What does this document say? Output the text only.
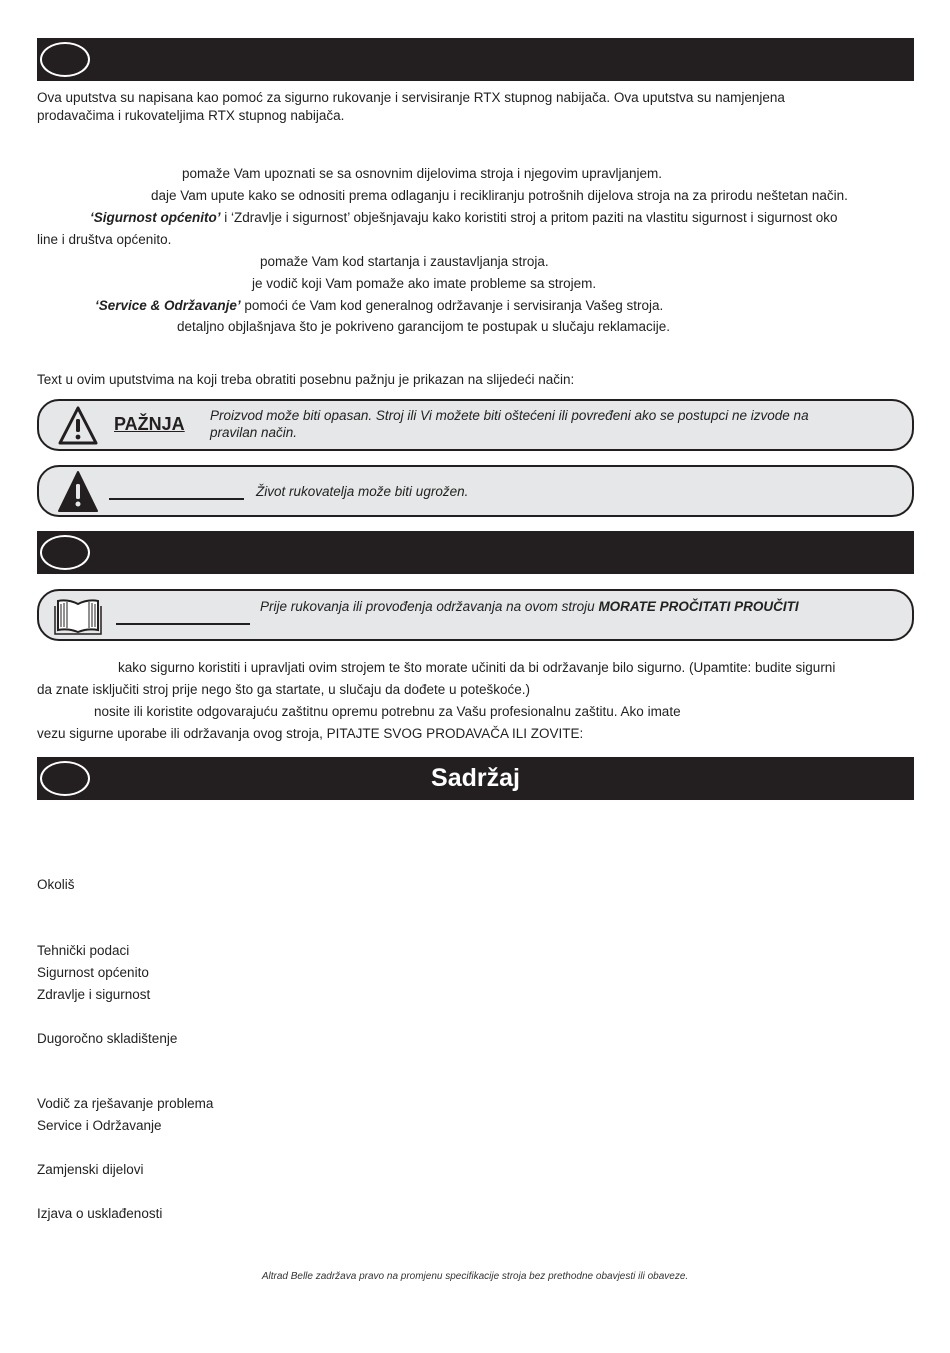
Ova uputstva su napisana kao pomoć za sigurno rukovanje i servisiranje RTX stupnog nabijača. Ova uputstva su namjenjena
prodavačima i rukovateljima RTX stupnog nabijača.
pomaže Vam upoznati se sa osnovnim dijelovima stroja i njegovim upravljanjem.
daje Vam upute kako se odnositi prema odlaganju i recikliranju potrošnih dijelova stroja na za prirodu neštetan način.
‘Sigurnost općenito’ i ‘Zdravlje i sigurnost’ obješnjavaju kako koristiti stroj a pritom paziti na vlastitu sigurnost i sigurnost oko
line i društva općenito.
pomaže Vam kod startanja i zaustavljanja stroja.
je vodič koji Vam pomaže ako imate probleme sa strojem.
‘Service & Održavanje’ pomoći će Vam kod generalnog održavanje i servisiranja Vašeg stroja.
detaljno objlašnjava što je pokriveno garancijom te postupak u slučaju reklamacije.
Text u ovim uputstvima na koji treba obratiti posebnu pažnju je prikazan na slijedeći način:
PAŽNJA Proizvod može biti opasan. Stroj ili Vi možete biti oštećeni ili povređeni ako se postupci ne izvode na
pravilan način.
Život rukovatelja može biti ugrožen.
Prije rukovanja ili provođenja održavanja na ovom stroju MORATE PROČITATI PROUČITI
kako sigurno koristiti i upravljati ovim strojem te što morate učiniti da bi održavanje bilo sigurno. (Upamtite: budite sigurni
da znate isključiti stroj prije nego što ga startate, u slučaju da dođete u poteškoće.)
nosite ili koristite odgovarajuću zaštitnu opremu potrebnu za Vašu profesionalnu zaštitu. Ako imate
vezu sigurne uporabe ili održavanja ovog stroja, PITAJTE SVOG PRODAVAČA ILI ZOVITE:
Sadržaj
Okoliš
Tehnički podaci
Sigurnost općenito
Zdravlje i sigurnost
Dugoročno skladištenje
Vodič za rješavanje problema
Service i Održavanje
Zamjenski dijelovi
Izjava o usklađenosti
Altrad Belle zadržava pravo na promjenu specifikacije stroja bez prethodne obavjesti ili obaveze.
